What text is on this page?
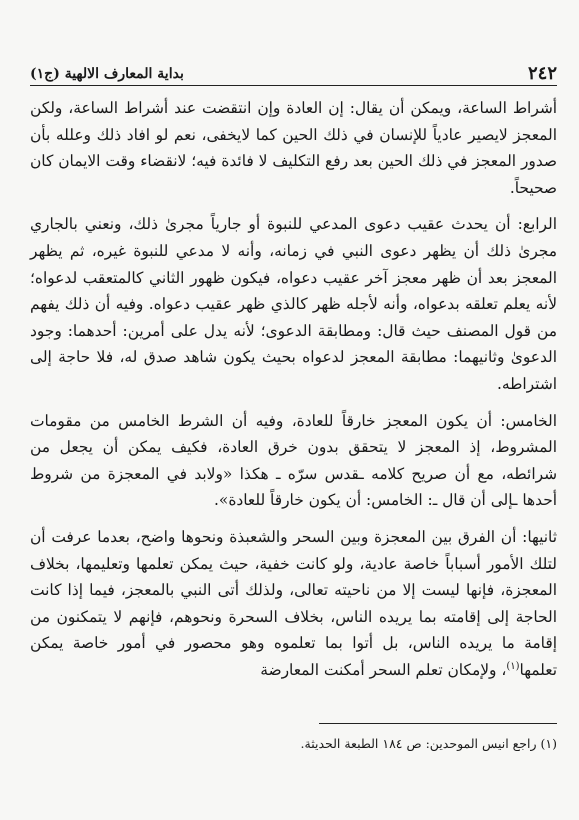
٢٤٢
بداية المعارف الالهية (ج١)

أشراط الساعة، ويمكن أن يقال: إن العادة وإن انتقضت عند أشراط الساعة، ولكن المعجز لايصير عادياً للإنسان في ذلك الحين كما لايخفى، نعم لو افاد ذلك وعلله بأن صدور المعجز في ذلك الحين بعد رفع التكليف لا فائدة فيه؛ لانقضاء وقت الايمان كان صحيحاً.

الرابع: أن يحدث عقيب دعوى المدعي للنبوة أو جارياً مجرىٰ ذلك، ونعني بالجاري مجرىٰ ذلك أن يظهر دعوى النبي في زمانه، وأنه لا مدعي للنبوة غيره، ثم يظهر المعجز بعد أن ظهر معجز آخر عقيب دعواه، فيكون ظهور الثاني كالمتعقب لدعواه؛ لأنه يعلم تعلقه بدعواه، وأنه لأجله ظهر كالذي ظهر عقيب دعواه. وفيه أن ذلك يفهم من قول المصنف حيث قال: ومطابقة الدعوى؛ لأنه يدل على أمرين: أحدهما: وجود الدعوىٰ وثانيهما: مطابقة المعجز لدعواه بحيث يكون شاهد صدق له، فلا حاجة إلى اشتراطه.

الخامس: أن يكون المعجز خارقاً للعادة، وفيه أن الشرط الخامس من مقومات المشروط، إذ المعجز لا يتحقق بدون خرق العادة، فكيف يمكن أن يجعل من شرائطه، مع أن صريح كلامه ـقدس سرّه ـ هكذا «ولابد في المعجزة من شروط أحدها ـإلى أن قال ـ: الخامس: أن يكون خارقاً للعادة».

ثانيها: أن الفرق بين المعجزة وبين السحر والشعبذة ونحوها واضح، بعدما عرفت أن لتلك الأمور أسباباً خاصة عادية، ولو كانت خفية، حيث يمكن تعلمها وتعليمها، بخلاف المعجزة، فإنها ليست إلا من ناحيته تعالى، ولذلك أتى النبي بالمعجز، فيما إذا كانت الحاجة إلى إقامته بما يريده الناس، بخلاف السحرة ونحوهم، فإنهم لا يتمكنون من إقامة ما يريده الناس، بل أتوا بما تعلموه وهو محصور في أمور خاصة يمكن تعلمها$^{(١)}$، ولإمكان تعلم السحر أمكنت المعارضة

(١) راجع انيس الموحدين: ص ١٨٤ الطبعة الحديثة.
